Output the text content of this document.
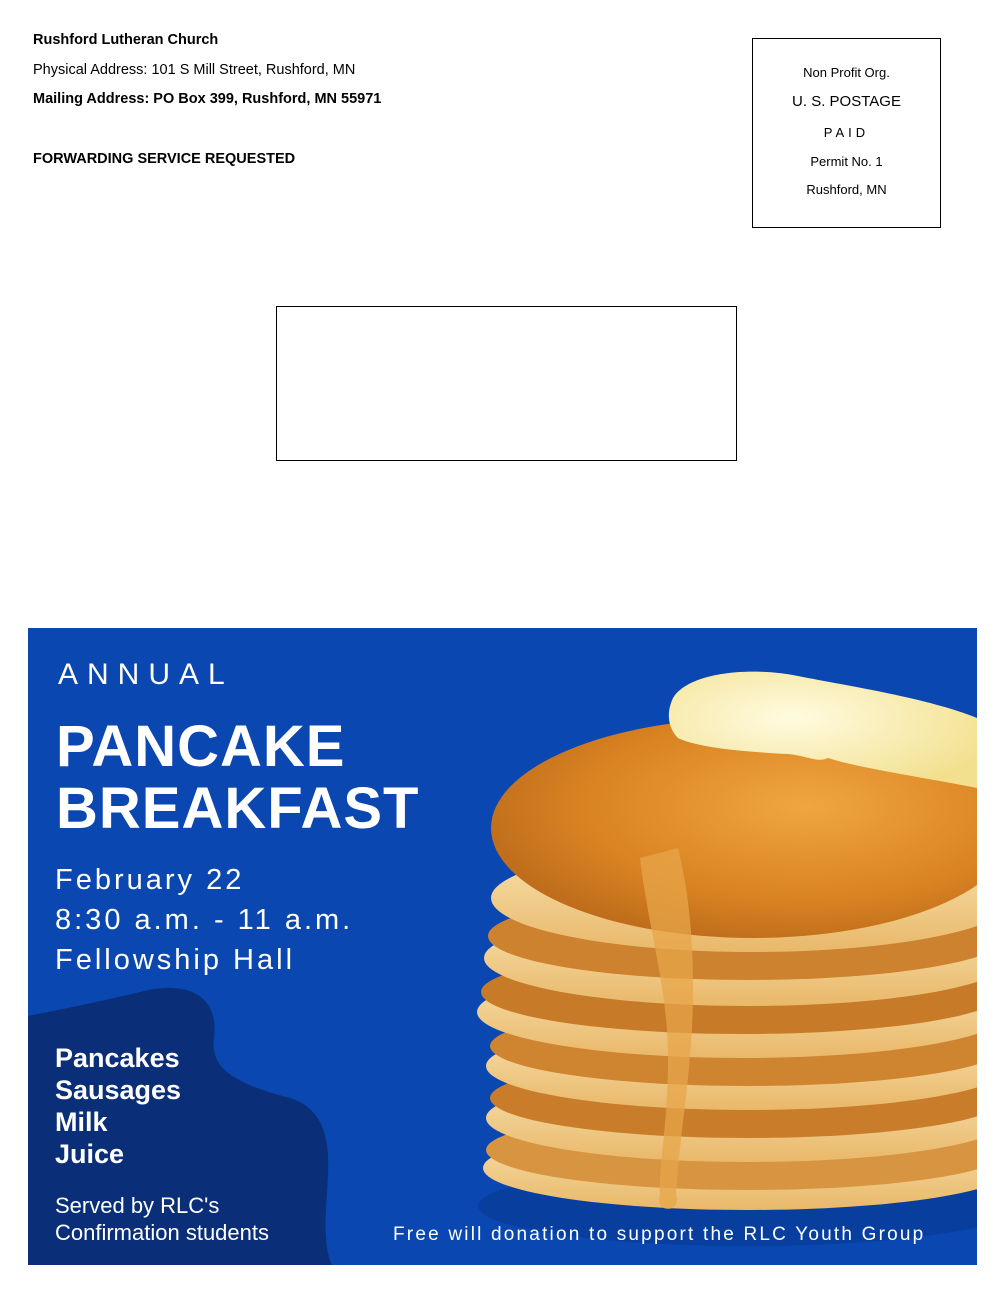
Rushford Lutheran Church
Physical Address: 101 S Mill Street, Rushford, MN
Mailing Address: PO Box 399, Rushford, MN 55971
FORWARDING SERVICE REQUESTED
Non Profit Org.
U. S. POSTAGE
PAID
Permit No. 1
Rushford, MN
ANNUAL
PANCAKE
BREAKFAST
February 22
8:30 a.m. - 11 a.m.
Fellowship Hall
Pancakes
Sausages
Milk
Juice
Served by RLC's
Confirmation students	Free will donation to support the RLC Youth Group
